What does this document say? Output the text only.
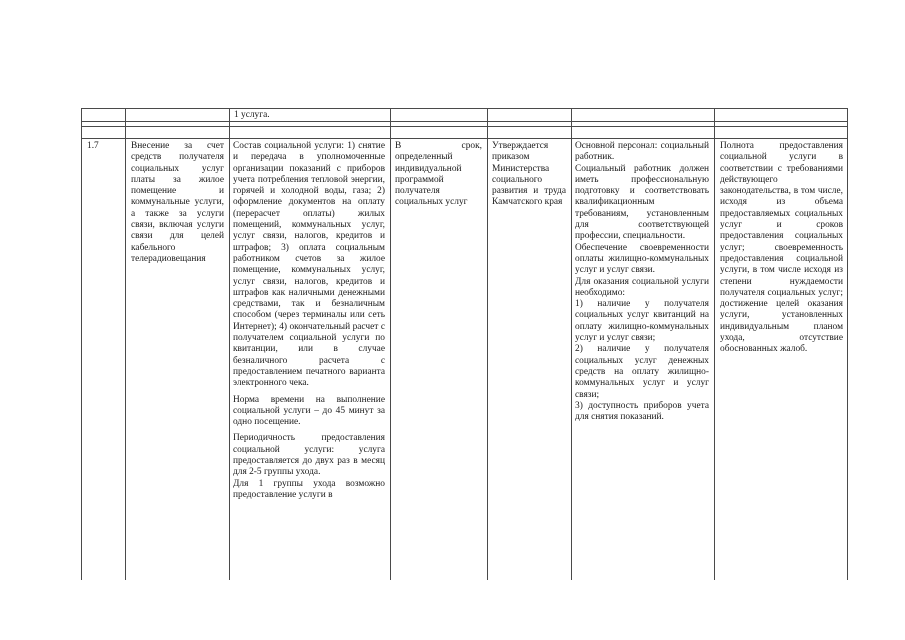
1 услуга.

1.7	Внесение за счет средств получателя социальных услуг платы за жилое помещение и коммунальные услуги, а также за услуги связи, включая услуги связи для целей кабельного телерадиовещания

Состав социальной услуги: 1) снятие и передача в уполномоченные организации показаний с приборов учета потребления тепловой энергии, горячей и холодной воды, газа; 2) оформление документов на оплату (перерасчет оплаты) жилых помещений, коммунальных услуг, услуг связи, налогов, кредитов и штрафов; 3) оплата социальным работником счетов за жилое помещение, коммунальных услуг, услуг связи, налогов, кредитов и штрафов как наличными денежными средствами, так и безналичным способом (через терминалы или сеть Интернет); 4) окончательный расчет с получателем социальной услуги по квитанции, или в случае безналичного расчета с предоставлением печатного варианта электронного чека.

Норма времени на выполнение социальной услуги – до 45 минут за одно посещение.

Периодичность предоставления социальной услуги: услуга предоставляется до двух раз в месяц для 2-5 группы ухода.

Для 1 группы ухода возможно предоставление услуги в

В срок, определенный индивидуальной программой получателя социальных услуг

Утверждается приказом Министерства социального развития и труда Камчатского края

Основной персонал: социальный работник.

Социальный работник должен иметь профессиональную подготовку и соответствовать квалификационным требованиям, установленным для соответствующей профессии, специальности.

Обеспечение своевременности оплаты жилищно-коммунальных услуг и услуг связи.

Для оказания социальной услуги необходимо:

1) наличие у получателя социальных услуг квитанций на оплату жилищно-коммунальных услуг и услуг связи;

2) наличие у получателя социальных услуг денежных средств на оплату жилищно-коммунальных услуг и услуг связи;

3) доступность приборов учета для снятия показаний.

Полнота предоставления социальной услуги в соответствии с требованиями действующего законодательства, в том числе, исходя из объема предоставляемых социальных услуг и сроков предоставления социальных услуг; своевременность предоставления социальной услуги, в том числе исходя из степени нуждаемости получателя социальных услуг; достижение целей оказания услуги, установленных индивидуальным планом ухода, отсутствие обоснованных жалоб.
